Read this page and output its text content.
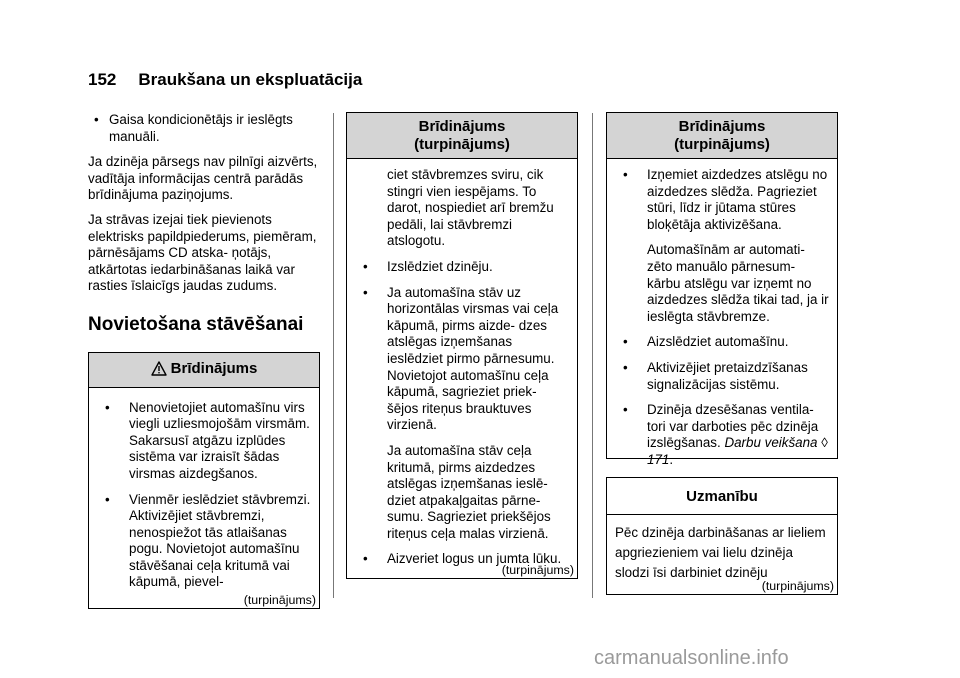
152 Braukšana un ekspluatācija
• Gaisa kondicionētājs ir ieslēgts manuāli.

Ja dzinēja pārsegs nav pilnīgi aizvērts, vadītāja informācijas centrā parādās brīdinājuma paziņojums.

Ja strāvas izejai tiek pievienots elektrisks papildpiederums, piemēram, pārnēsājams CD atska- ņotājs, atkārtotas iedarbināšanas laikā var rasties īslaicīgs jaudas zudums.

Novietošana stāvēšanai
Brīdinājums
• Nenovietojiet automašīnu virs viegli uzliesmojošām virsmām. Sakarsusī atgāzu izplūdes sistēma var izraisīt šādas virsmas aizdegšanos.
• Vienmēr ieslēdziet stāvbremzi. Aktivizējiet stāvbremzi, nenospiežot tās atlaišanas pogu. Novietojot automašīnu stāvēšanai ceļa kritumā vai kāpumā, pievel-
(turpinājums)
Brīdinājums
(turpinājums)
ciet stāvbremzes sviru, cik stingri vien iespējams. To darot, nospiediet arī bremžu pedāli, lai stāvbremzi atslogotu.
• Izslēdziet dzinēju.
• Ja automašīna stāv uz horizontālas virsmas vai ceļa kāpumā, pirms aizde- dzes atslēgas izņemšanas ieslēdziet pirmo pārnesumu. Novietojot automašīnu ceļa kāpumā, sagrieziet priek- šējos riteņus brauktuves virzienā.
Ja automašīna stāv ceļa kritumā, pirms aizdedzes atslēgas izņemšanas ieslē- dziet atpakaļgaitas pārne- sumu. Sagrieziet priekšējos riteņus ceļa malas virzienā.
• Aizveriet logus un jumta lūku.
(turpinājums)
Brīdinājums
(turpinājums)
• Izņemiet aizdedzes atslēgu no aizdedzes slēdža. Pagrieziet stūri, līdz ir jūtama stūres bloķētāja aktivizēšana.
Automašīnām ar automati- zēto manuālo pārnesum- kārbu atslēgu var izņemt no aizdedzes slēdža tikai tad, ja ir ieslēgta stāvbremze.
• Aizslēdziet automašīnu.
• Aktivizējiet pretaizdzīšanas signalizācijas sistēmu.
• Dzinēja dzesēšanas ventila- tori var darboties pēc dzinēja izslēgšanas. Darbu veikšana ◊ 171.
Uzmanību
Pēc dzinēja darbināšanas ar lieliem apgriezieniem vai lielu dzinēja slodzi īsi darbiniet dzinēju
(turpinājums)
carmanualsonline.info
